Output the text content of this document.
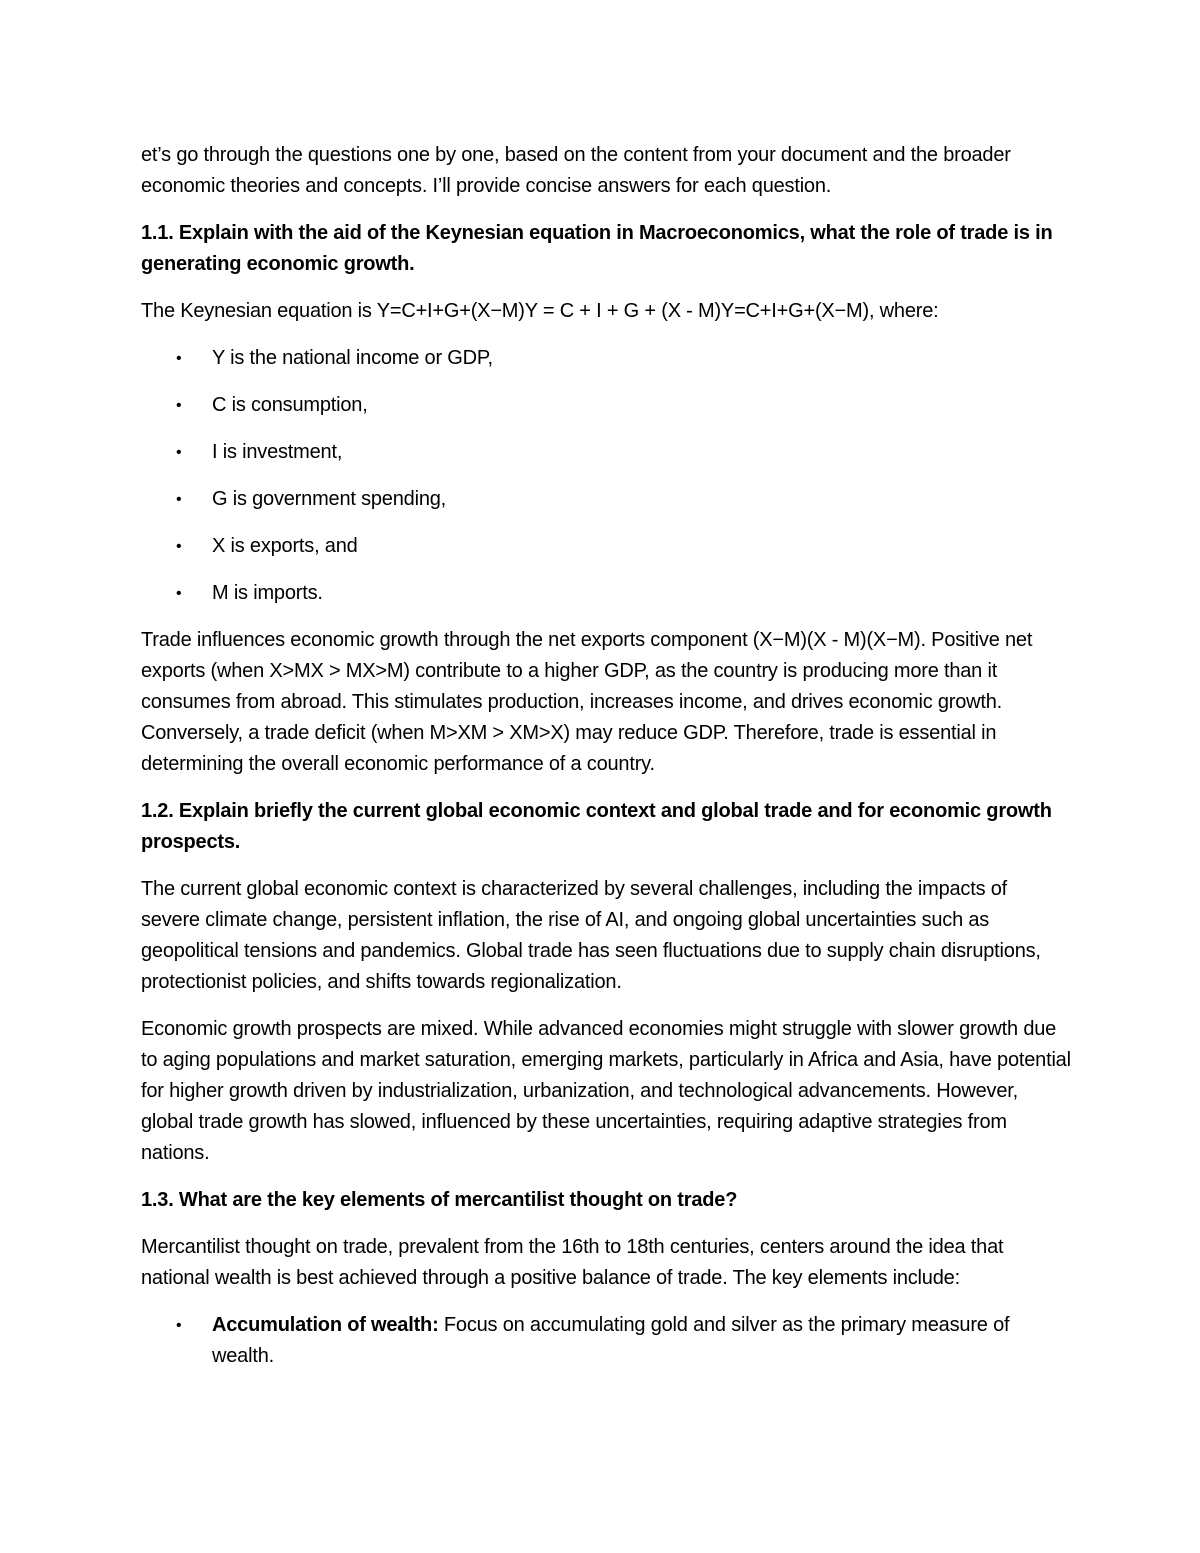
et’s go through the questions one by one, based on the content from your document and the broader economic theories and concepts. I’ll provide concise answers for each question.

1.1. Explain with the aid of the Keynesian equation in Macroeconomics, what the role of trade is in generating economic growth.

The Keynesian equation is Y=C+I+G+(X−M)Y = C + I + G + (X - M)Y=C+I+G+(X−M), where:

• Y is the national income or GDP,
• C is consumption,
• I is investment,
• G is government spending,
• X is exports, and
• M is imports.

Trade influences economic growth through the net exports component (X−M)(X - M)(X−M). Positive net exports (when X>MX > MX>M) contribute to a higher GDP, as the country is producing more than it consumes from abroad. This stimulates production, increases income, and drives economic growth. Conversely, a trade deficit (when M>XM > XM>X) may reduce GDP. Therefore, trade is essential in determining the overall economic performance of a country.

1.2. Explain briefly the current global economic context and global trade and for economic growth prospects.

The current global economic context is characterized by several challenges, including the impacts of severe climate change, persistent inflation, the rise of AI, and ongoing global uncertainties such as geopolitical tensions and pandemics. Global trade has seen fluctuations due to supply chain disruptions, protectionist policies, and shifts towards regionalization.

Economic growth prospects are mixed. While advanced economies might struggle with slower growth due to aging populations and market saturation, emerging markets, particularly in Africa and Asia, have potential for higher growth driven by industrialization, urbanization, and technological advancements. However, global trade growth has slowed, influenced by these uncertainties, requiring adaptive strategies from nations.

1.3. What are the key elements of mercantilist thought on trade?

Mercantilist thought on trade, prevalent from the 16th to 18th centuries, centers around the idea that national wealth is best achieved through a positive balance of trade. The key elements include:

• Accumulation of wealth: Focus on accumulating gold and silver as the primary measure of wealth.
